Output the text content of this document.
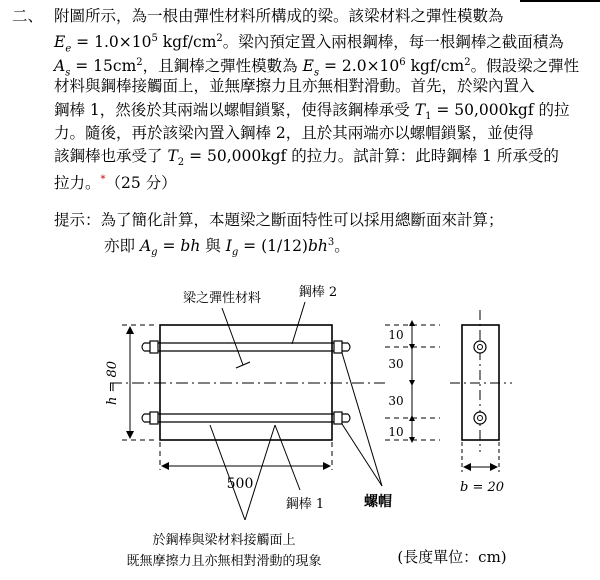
二、 附圖所示，為一根由彈性材料所構成的梁。該梁材料之彈性模數為
$E_e = 1.0\times 10^5$ kgf/$cm^2$。梁內預定置入兩根鋼棒，每一根鋼棒之截面積為
$A_s = 15cm^2$，且鋼棒之彈性模數為 $E_s = 2.0\times 10^6$ kgf/$cm^2$。假設梁之彈性
材料與鋼棒接觸面上，並無摩擦力且亦無相對滑動。首先，於梁內置入
鋼棒 1，然後於其兩端以螺帽鎖緊，使得該鋼棒承受 $T_1 = 50,000kgf$ 的拉
力。隨後，再於該梁內置入鋼棒 2，且於其兩端亦以螺帽鎖緊，並使得
該鋼棒也承受了 $T_2 = 50,000kgf$ 的拉力。試計算：此時鋼棒 1 所承受的
拉力。*（25 分）
提示：為了簡化計算，本題梁之斷面特性可以採用總斷面來計算；
亦即 $A_g$ = bh 與 $I_g = (1/12)bh^3$。
h = 80
500
梁之彈性材料	鋼棒 2
鋼棒 1	螺帽
10
30
30
10
b = 20
於鋼棒與梁材料接觸面上
既無摩擦力且亦無相對滑動的現象	(長度單位：cm)
